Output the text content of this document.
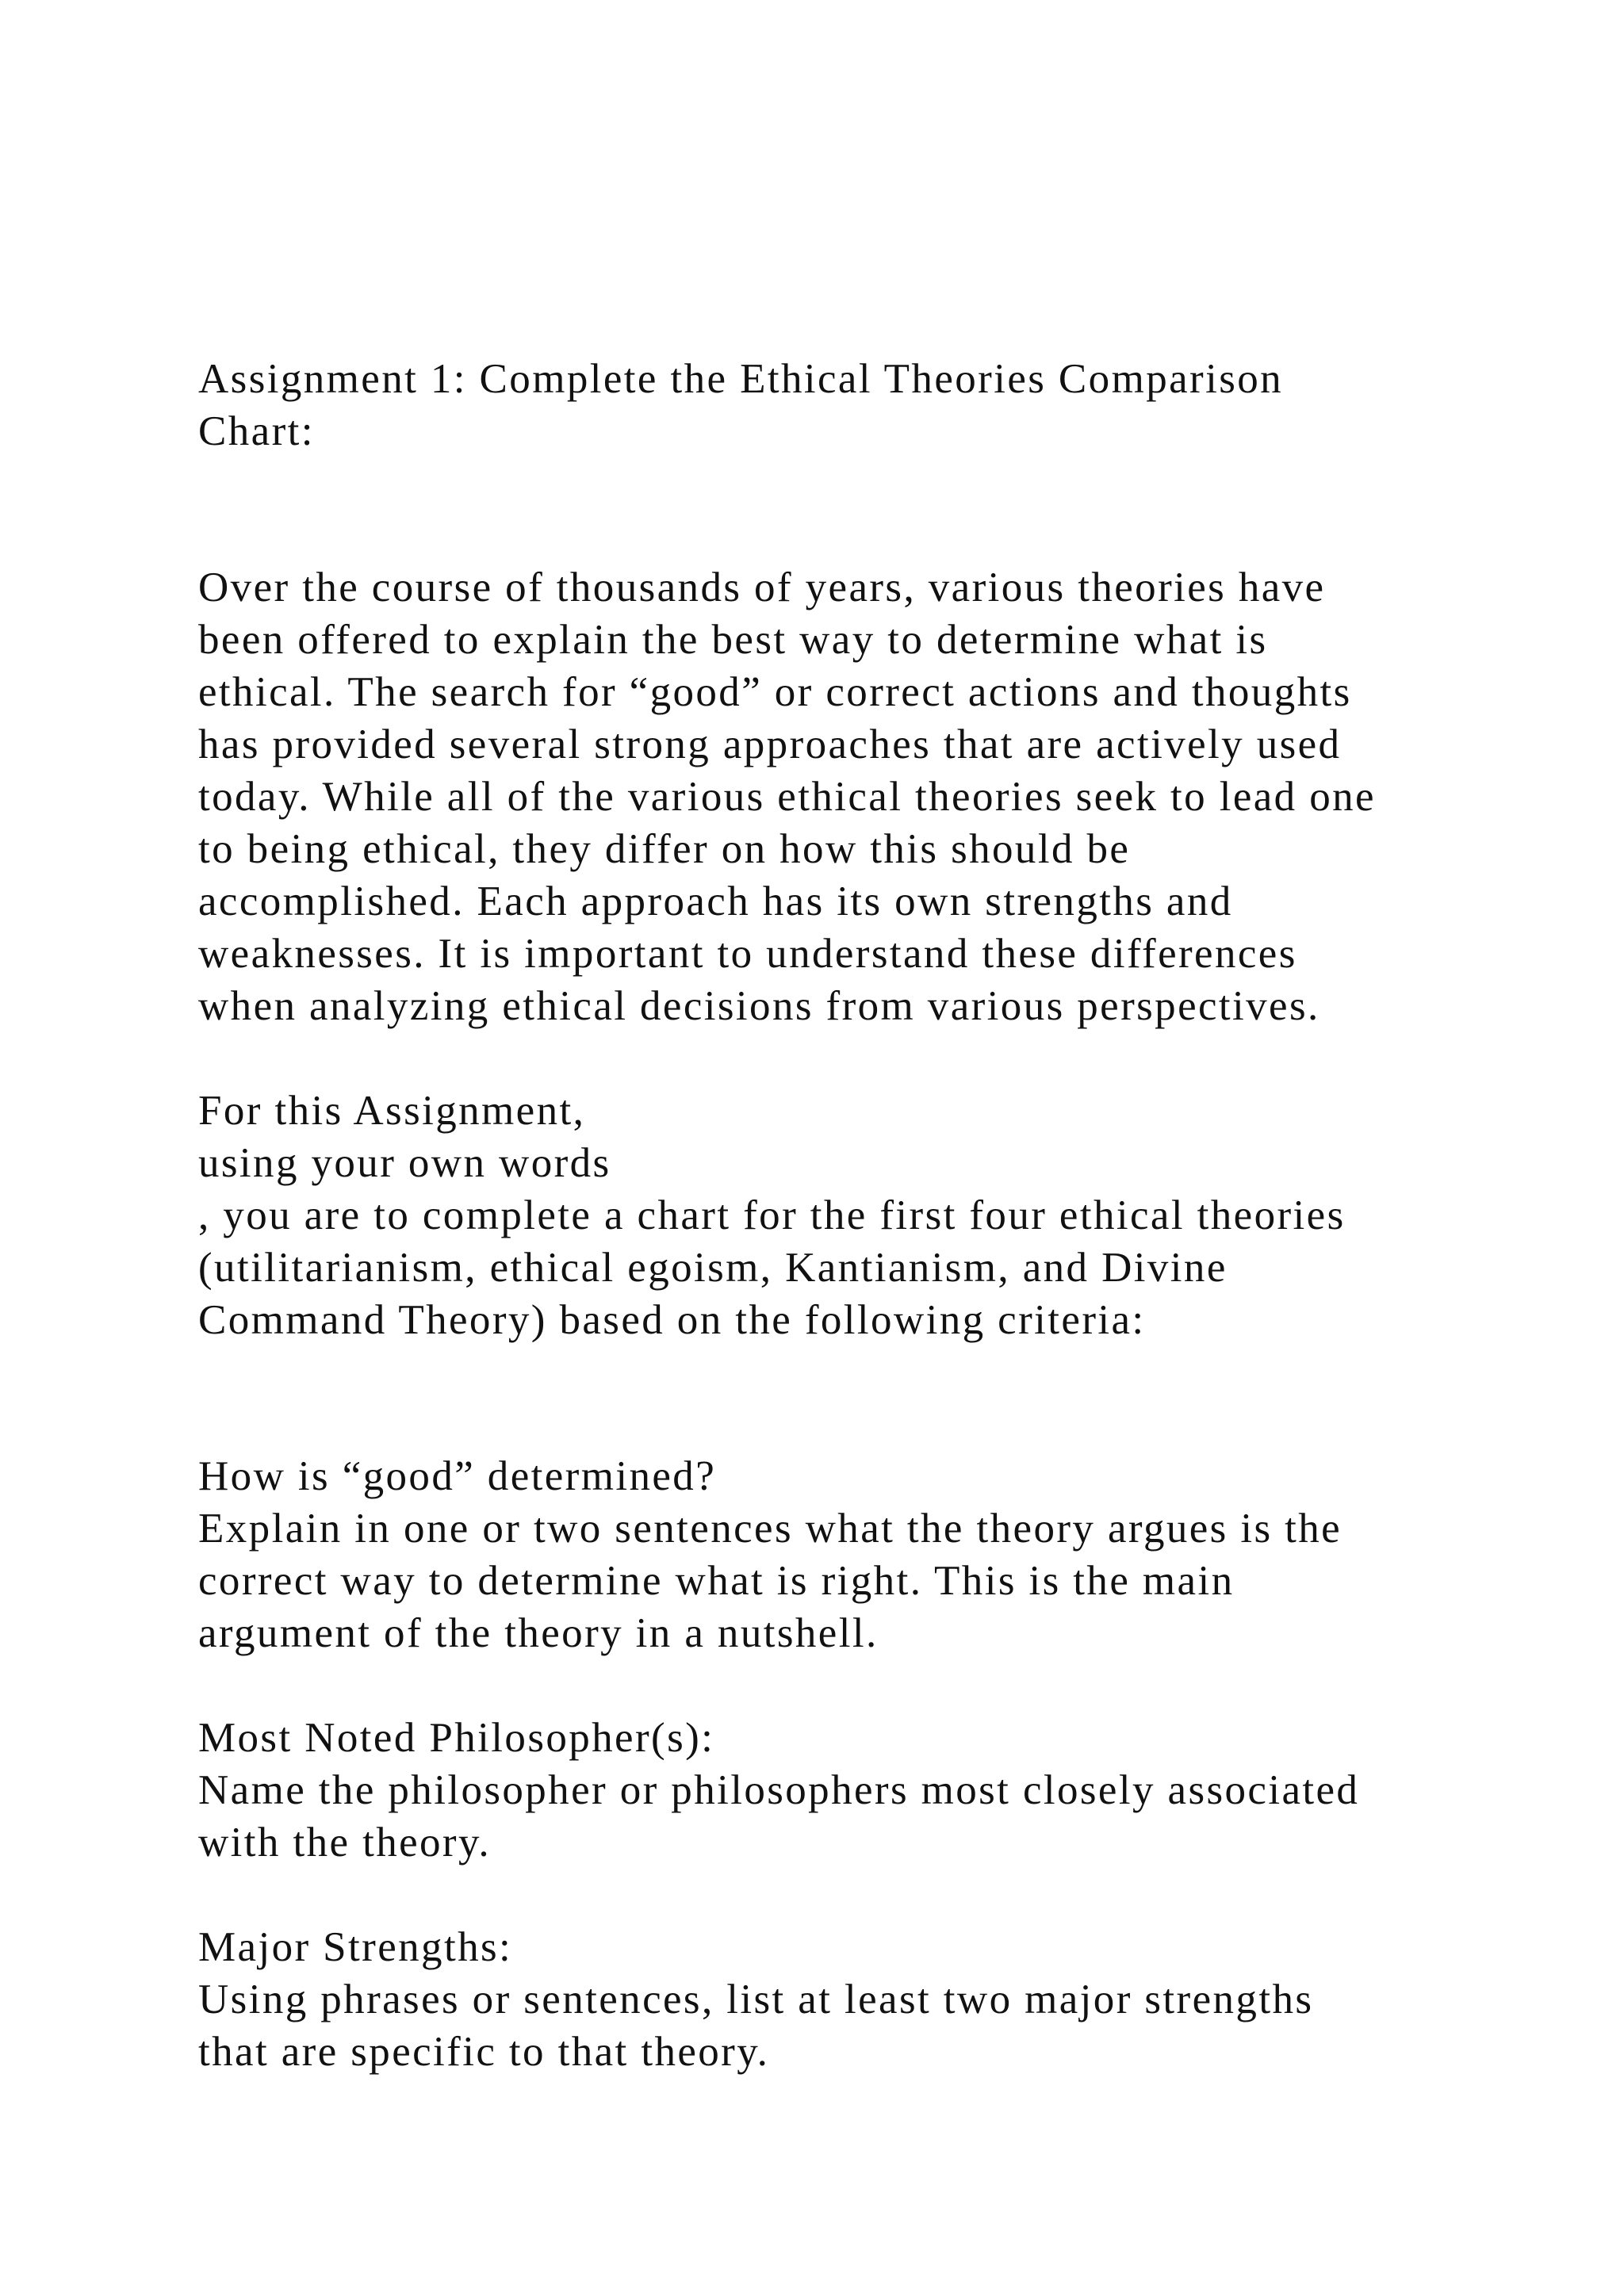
Assignment 1: Complete the Ethical Theories Comparison

Chart:

Over the course of thousands of years, various theories have

been offered to explain the best way to determine what is

ethical. The search for “good” or correct actions and thoughts

has provided several strong approaches that are actively used

today. While all of the various ethical theories seek to lead one

to being ethical, they differ on how this should be

accomplished. Each approach has its own strengths and

weaknesses. It is important to understand these differences

when analyzing ethical decisions from various perspectives.

For this Assignment,

using your own words

, you are to complete a chart for the first four ethical theories

(utilitarianism, ethical egoism, Kantianism, and Divine

Command Theory) based on the following criteria:

How is “good” determined?

Explain in one or two sentences what the theory argues is the

correct way to determine what is right. This is the main

argument of the theory in a nutshell.

Most Noted Philosopher(s):

Name the philosopher or philosophers most closely associated

with the theory.

Major Strengths:

Using phrases or sentences, list at least two major strengths

that are specific to that theory.
